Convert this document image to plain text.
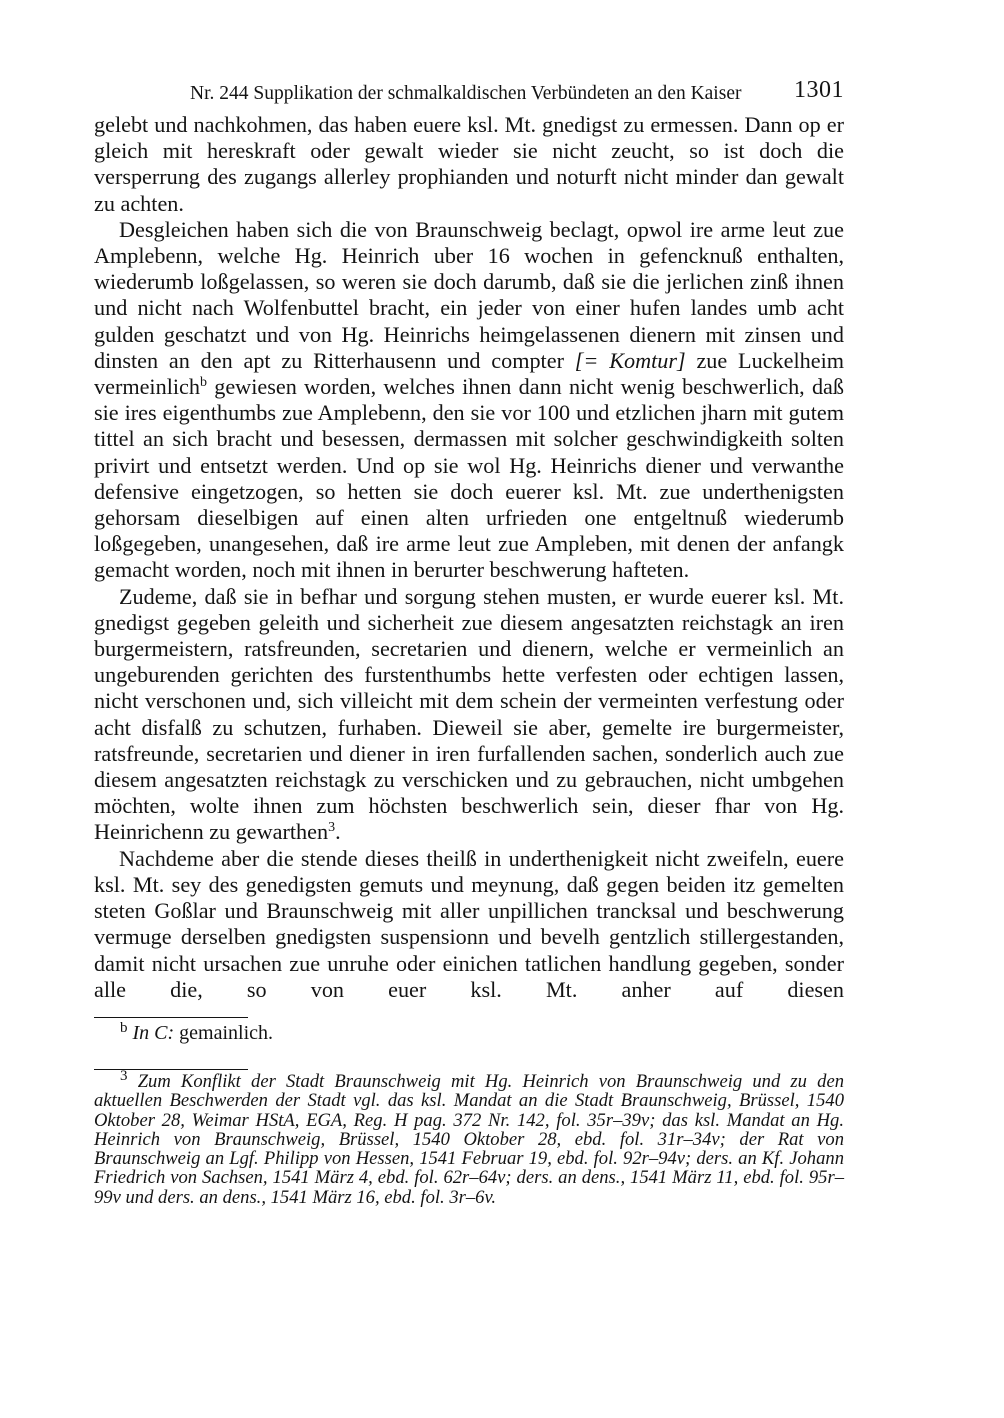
Nr. 244 Supplikation der schmalkaldischen Verbündeten an den Kaiser 1301

gelebt und nachkohmen, das haben euere ksl. Mt. gnedigst zu ermessen. Dann op er gleich mit hereskraft oder gewalt wieder sie nicht zeucht, so ist doch die versperrung des zugangs allerley prophianden und noturft nicht minder dan gewalt zu achten.

Desgleichen haben sich die von Braunschweig beclagt, opwol ire arme leut zue Amplebenn, welche Hg. Heinrich uber 16 wochen in gefencknuß enthalten, wiederumb loßgelassen, so weren sie doch darumb, daß sie die jerlichen zinß ihnen und nicht nach Wolfenbuttel bracht, ein jeder von einer hufen landes umb acht gulden geschatzt und von Hg. Heinrichs heimgelassenen dienern mit zinsen und dinsten an den apt zu Ritterhausenn und compter [= Komtur] zue Luckelheim vermeinlich$^b$ gewiesen worden, welches ihnen dann nicht wenig beschwerlich, daß sie ires eigenthumbs zue Amplebenn, den sie vor 100 und etzlichen jharn mit gutem tittel an sich bracht und besessen, dermassen mit solcher geschwindigkeith solten privirt und entsetzt werden. Und op sie wol Hg. Heinrichs diener und verwanthe defensive eingetzogen, so hetten sie doch euerer ksl. Mt. zue underthenigsten gehorsam dieselbigen auf einen alten urfrieden one entgeltnuß wiederumb loßgegeben, unangesehen, daß ire arme leut zue Ampleben, mit denen der anfangk gemacht worden, noch mit ihnen in berurter beschwerung hafteten.

Zudeme, daß sie in befhar und sorgung stehen musten, er wurde euerer ksl. Mt. gnedigst gegeben geleith und sicherheit zue diesem angesatzten reichstagk an iren burgermeistern, ratsfreunden, secretarien und dienern, welche er vermeinlich an ungeburenden gerichten des furstenthumbs hette verfesten oder echtigen lassen, nicht verschonen und, sich villeicht mit dem schein der vermeinten verfestung oder acht disfalß zu schutzen, furhaben. Dieweil sie aber, gemelte ire burgermeister, ratsfreunde, secretarien und diener in iren furfallenden sachen, sonderlich auch zue diesem angesatzten reichstagk zu verschicken und zu gebrauchen, nicht umbgehen möchten, wolte ihnen zum höchsten beschwerlich sein, dieser fhar von Hg. Heinrichenn zu gewarthen$^3$.

Nachdeme aber die stende dieses theilß in underthenigkeit nicht zweifeln, euere ksl. Mt. sey des genedigsten gemuts und meynung, daß gegen beiden itz gemelten steten Goßlar und Braunschweig mit aller unpillichen trancksal und beschwerung vermuge derselben gnedigsten suspensionn und bevelh gentzlich stillergestanden, damit nicht ursachen zue unruhe oder einichen tatlichen handlung gegeben, sonder alle die, so von euer ksl. Mt. anher auf diesen

$^b$ In C: gemainlich.
$^3$ Zum Konflikt der Stadt Braunschweig mit Hg. Heinrich von Braunschweig und zu den aktuellen Beschwerden der Stadt vgl. das ksl. Mandat an die Stadt Braunschweig, Brüssel, 1540 Oktober 28, Weimar HStA, EGA, Reg. H pag. 372 Nr. 142, fol. 35r–39v; das ksl. Mandat an Hg. Heinrich von Braunschweig, Brüssel, 1540 Oktober 28, ebd. fol. 31r–34v; der Rat von Braunschweig an Lgf. Philipp von Hessen, 1541 Februar 19, ebd. fol. 92r–94v; ders. an Kf. Johann Friedrich von Sachsen, 1541 März 4, ebd. fol. 62r–64v; ders. an dens., 1541 März 11, ebd. fol. 95r–99v und ders. an dens., 1541 März 16, ebd. fol. 3r–6v.
